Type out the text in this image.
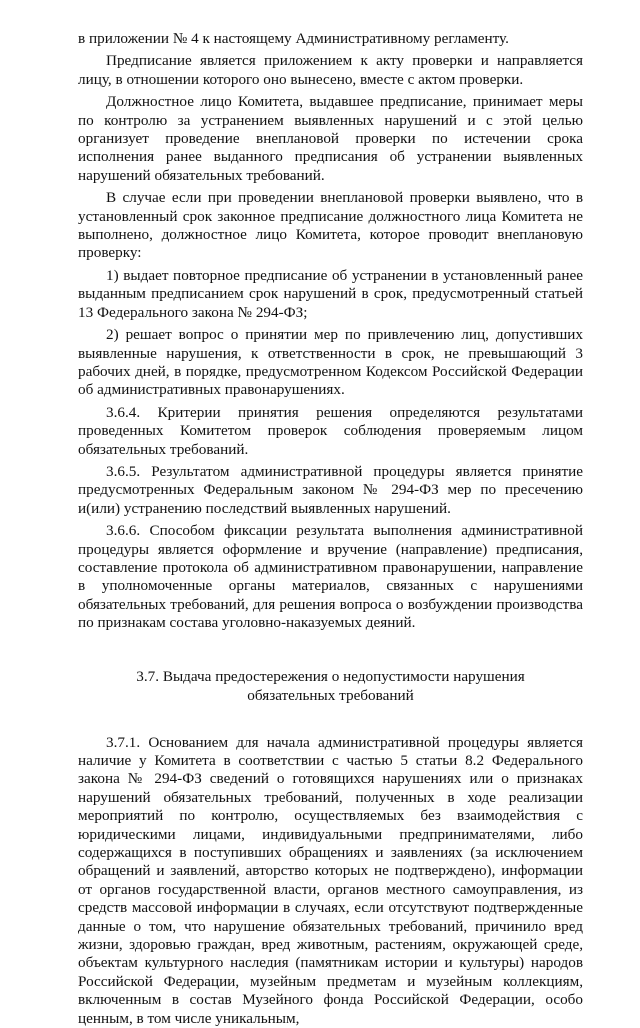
в приложении № 4 к настоящему Административному регламенту.

Предписание является приложением к акту проверки и направляется лицу, в отношении которого оно вынесено, вместе с актом проверки.

Должностное лицо Комитета, выдавшее предписание, принимает меры по контролю за устранением выявленных нарушений и с этой целью организует проведение внеплановой проверки по истечении срока исполнения ранее выданного предписания об устранении выявленных нарушений обязательных требований.

В случае если при проведении внеплановой проверки выявлено, что в установленный срок законное предписание должностного лица Комитета не выполнено, должностное лицо Комитета, которое проводит внеплановую проверку:

1) выдает повторное предписание об устранении в установленный ранее выданным предписанием срок нарушений в срок, предусмотренный статьей 13 Федерального закона № 294-ФЗ;

2) решает вопрос о принятии мер по привлечению лиц, допустивших выявленные нарушения, к ответственности в срок, не превышающий 3 рабочих дней, в порядке, предусмотренном Кодексом Российской Федерации об административных правонарушениях.

3.6.4. Критерии принятия решения определяются результатами проведенных Комитетом проверок соблюдения проверяемым лицом обязательных требований.

3.6.5. Результатом административной процедуры является принятие предусмотренных Федеральным законом № 294-ФЗ мер по пресечению и(или) устранению последствий выявленных нарушений.

3.6.6. Способом фиксации результата выполнения административной процедуры является оформление и вручение (направление) предписания, составление протокола об административном правонарушении, направление в уполномоченные органы материалов, связанных с нарушениями обязательных требований, для решения вопроса о возбуждении производства по признакам состава уголовно-наказуемых деяний.

3.7. Выдача предостережения о недопустимости нарушения
обязательных требований

3.7.1. Основанием для начала административной процедуры является наличие у Комитета в соответствии с частью 5 статьи 8.2 Федерального закона № 294-ФЗ сведений о готовящихся нарушениях или о признаках нарушений обязательных требований, полученных в ходе реализации мероприятий по контролю, осуществляемых без взаимодействия с юридическими лицами, индивидуальными предпринимателями, либо содержащихся в поступивших обращениях и заявлениях (за исключением обращений и заявлений, авторство которых не подтверждено), информации от органов государственной власти, органов местного самоуправления, из средств массовой информации в случаях, если отсутствуют подтвержденные данные о том, что нарушение обязательных требований, причинило вред жизни, здоровью граждан, вред животным, растениям, окружающей среде, объектам культурного наследия (памятникам истории и культуры) народов Российской Федерации, музейным предметам и музейным коллекциям, включенным в состав Музейного фонда Российской Федерации, особо ценным, в том числе уникальным,
